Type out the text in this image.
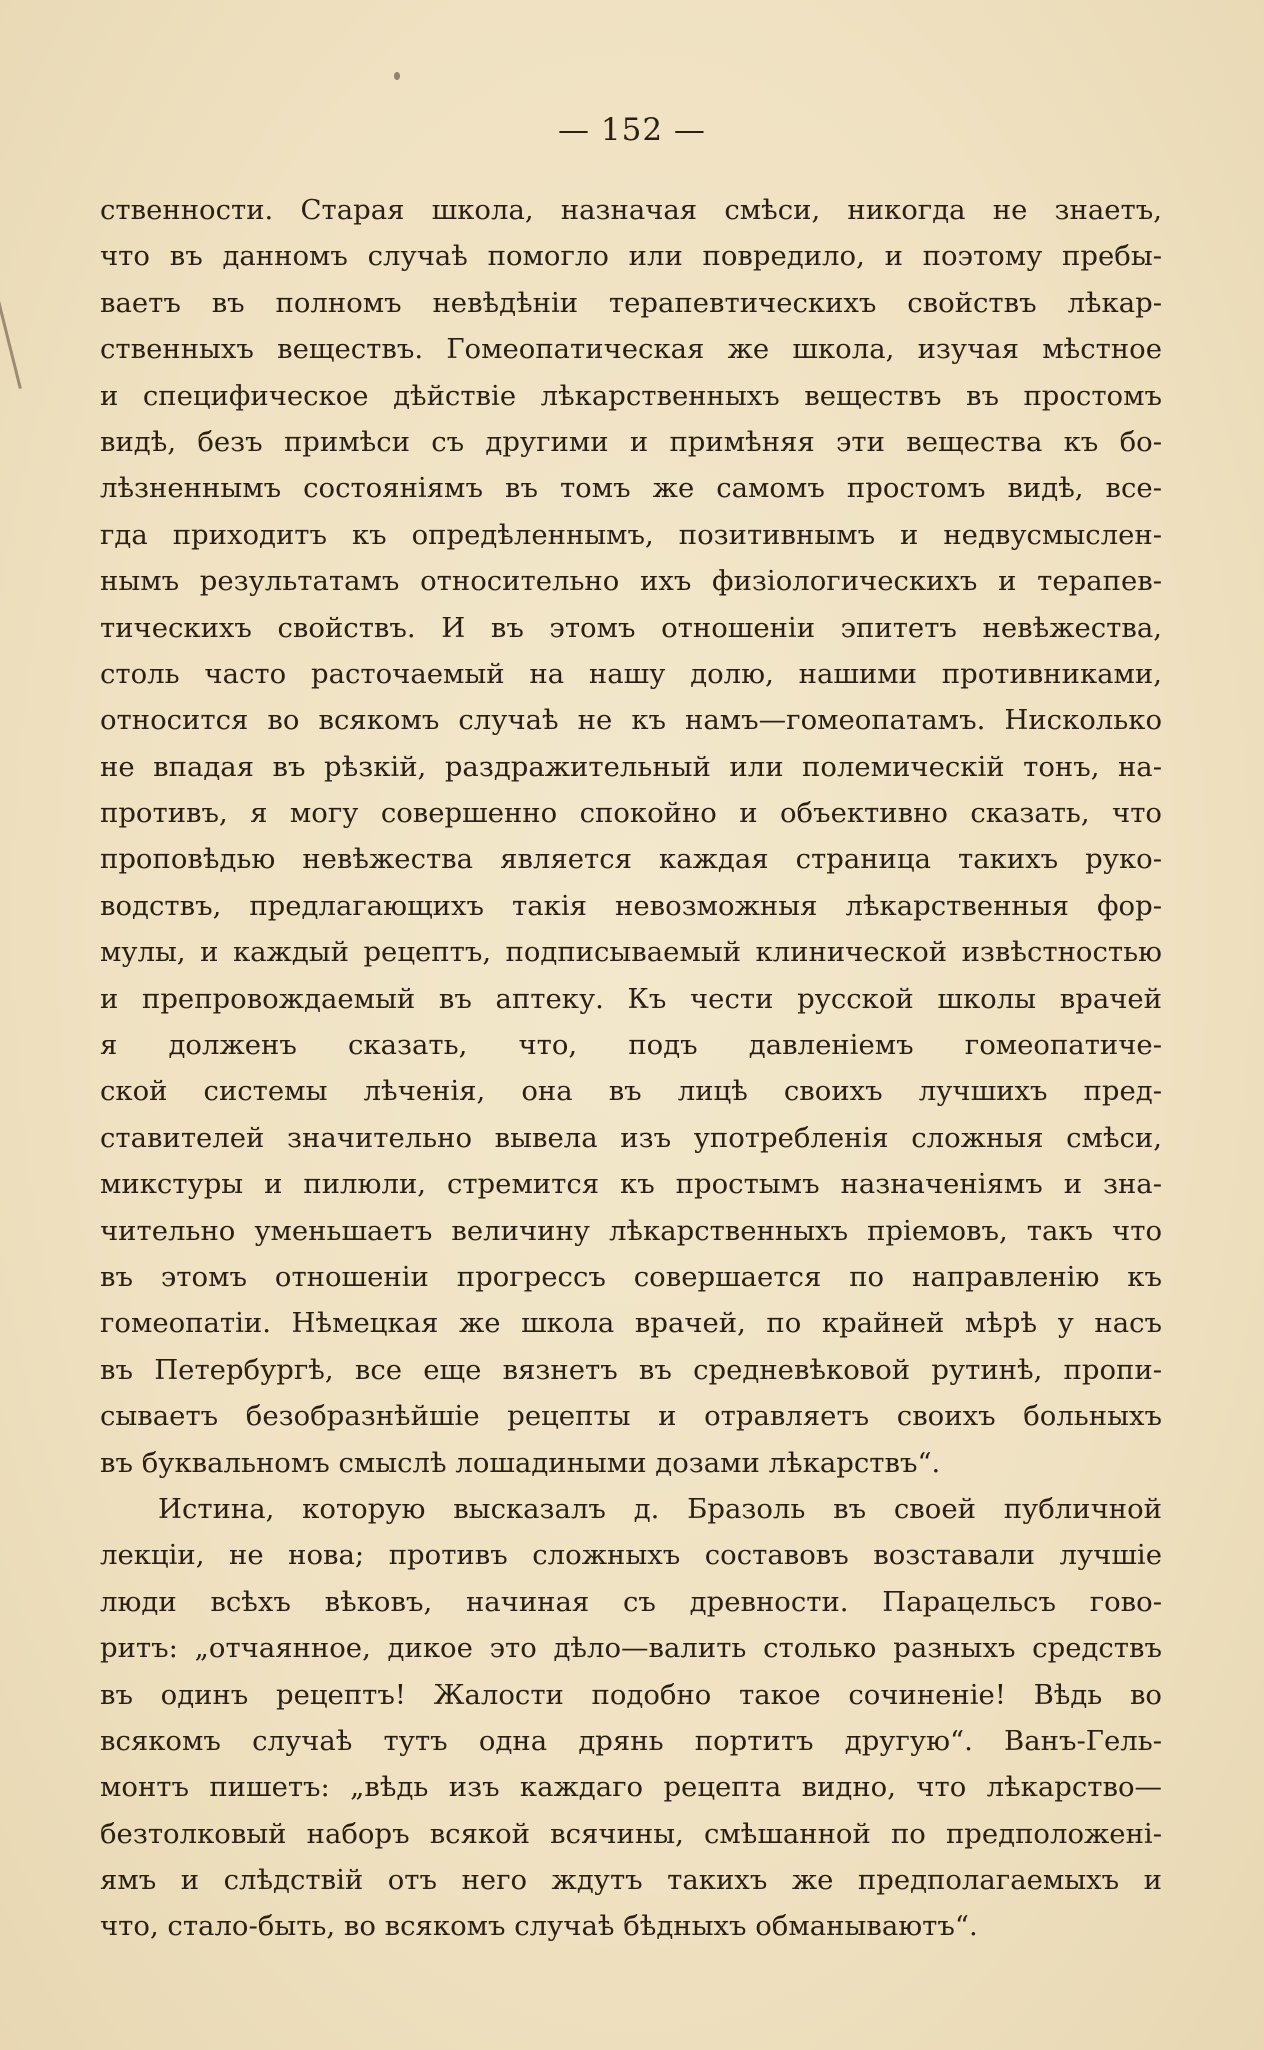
— 152 —
ственности. Старая школа, назначая смѣси, никогда не знаетъ,
что въ данномъ случаѣ помогло или повредило, и поэтому пребы-
ваетъ въ полномъ невѣдѣніи терапевтическихъ свойствъ лѣкар-
ственныхъ веществъ. Гомеопатическая же школа, изучая мѣстное
и специфическое дѣйствіе лѣкарственныхъ веществъ въ простомъ
видѣ, безъ примѣси съ другими и примѣняя эти вещества къ бо-
лѣзненнымъ состояніямъ въ томъ же самомъ простомъ видѣ, все-
гда приходитъ къ опредѣленнымъ, позитивнымъ и недвусмыслен-
нымъ результатамъ относительно ихъ физіологическихъ и терапев-
тическихъ свойствъ. И въ этомъ отношеніи эпитетъ невѣжества,
столь часто расточаемый на нашу долю, нашими противниками,
относится во всякомъ случаѣ не къ намъ—гомеопатамъ. Нисколько
не впадая въ рѣзкій, раздражительный или полемическій тонъ, на-
противъ, я могу совершенно спокойно и объективно сказать, что
проповѣдью невѣжества является каждая страница такихъ руко-
водствъ, предлагающихъ такія невозможныя лѣкарственныя фор-
мулы, и каждый рецептъ, подписываемый клинической извѣстностью
и препровождаемый въ аптеку. Къ чести русской школы врачей
я долженъ сказать, что, подъ давленіемъ гомеопатиче-
ской системы лѣченія, она въ лицѣ своихъ лучшихъ пред-
ставителей значительно вывела изъ употребленія сложныя смѣси,
микстуры и пилюли, стремится къ простымъ назначеніямъ и зна-
чительно уменьшаетъ величину лѣкарственныхъ пріемовъ, такъ что
въ этомъ отношеніи прогрессъ совершается по направленію къ
гомеопатіи. Нѣмецкая же школа врачей, по крайней мѣрѣ у насъ
въ Петербургѣ, все еще вязнетъ въ средневѣковой рутинѣ, пропи-
сываетъ безобразнѣйшіе рецепты и отравляетъ своихъ больныхъ
въ буквальномъ смыслѣ лошадиными дозами лѣкарствъ“.
Истина, которую высказалъ д. Бразоль въ своей публичной
лекціи, не нова; противъ сложныхъ составовъ возставали лучшіе
люди всѣхъ вѣковъ, начиная съ древности. Парацельсъ гово-
ритъ: „отчаянное, дикое это дѣло—валить столько разныхъ средствъ
въ одинъ рецептъ! Жалости подобно такое сочиненіе! Вѣдь во
всякомъ случаѣ тутъ одна дрянь портитъ другую“. Ванъ-Гель-
монтъ пишетъ: „вѣдь изъ каждаго рецепта видно, что лѣкарство—
безтолковый наборъ всякой всячины, смѣшанной по предположені-
ямъ и слѣдствій отъ него ждутъ такихъ же предполагаемыхъ и
что, стало-быть, во всякомъ случаѣ бѣдныхъ обманываютъ“.
